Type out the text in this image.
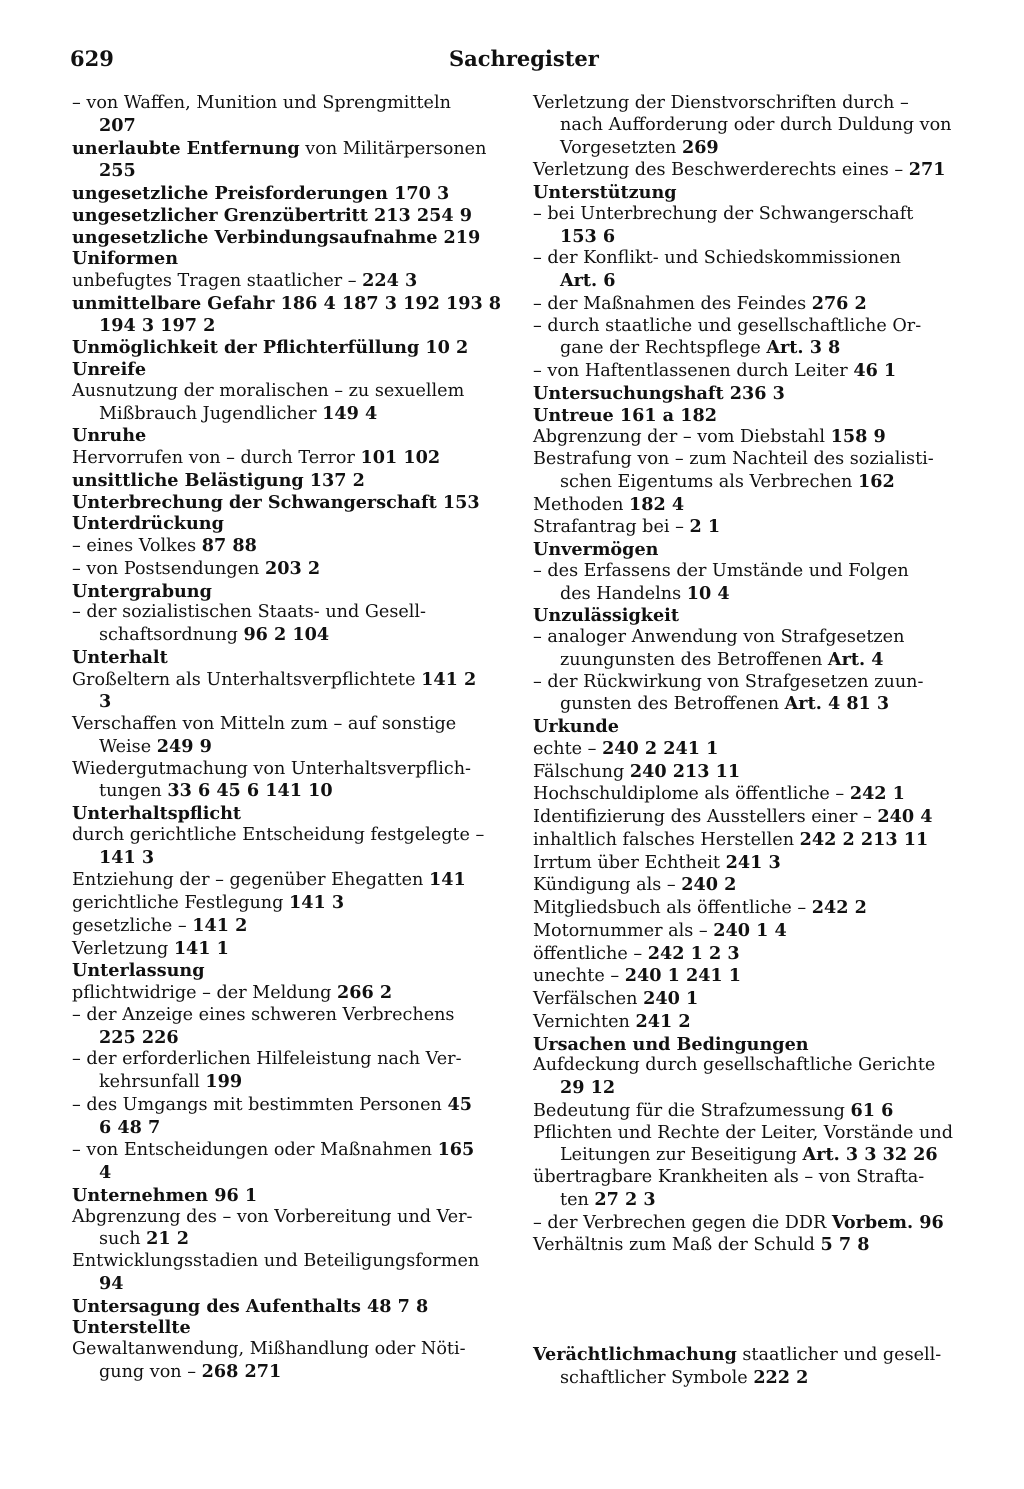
629	Sachregister
– von Waffen, Munition und Sprengmitteln
207
unerlaubte Entfernung von Militärpersonen
255
ungesetzliche Preisforderungen 170 3
ungesetzlicher Grenzübertritt 213 254 9
ungesetzliche Verbindungsaufnahme 219
Uniformen
unbefugtes Tragen staatlicher – 224 3
unmittelbare Gefahr 186 4 187 3 192 193 8
194 3 197 2
Unmöglichkeit der Pflichterfüllung 10 2
Unreife
Ausnutzung der moralischen – zu sexuellem
Mißbrauch Jugendlicher 149 4
Unruhe
Hervorrufen von – durch Terror 101 102
unsittliche Belästigung 137 2
Unterbrechung der Schwangerschaft 153
Unterdrückung
– eines Volkes 87 88
– von Postsendungen 203 2
Untergrabung
– der sozialistischen Staats- und Gesell-
schaftsordnung 96 2 104
Unterhalt
Großeltern als Unterhaltsverpflichtete 141 2
3
Verschaffen von Mitteln zum – auf sonstige
Weise 249 9
Wiedergutmachung von Unterhaltsverpflich-
tungen 33 6 45 6 141 10
Unterhaltspflicht
durch gerichtliche Entscheidung festgelegte –
141 3
Entziehung der – gegenüber Ehegatten 141
gerichtliche Festlegung 141 3
gesetzliche – 141 2
Verletzung 141 1
Unterlassung
pflichtwidrige – der Meldung 266 2
– der Anzeige eines schweren Verbrechens
225 226
– der erforderlichen Hilfeleistung nach Ver-
kehrsunfall 199
– des Umgangs mit bestimmten Personen 45
6 48 7
– von Entscheidungen oder Maßnahmen 165
4
Unternehmen 96 1
Abgrenzung des – von Vorbereitung und Ver-
such 21 2
Entwicklungsstadien und Beteiligungsformen
94
Untersagung des Aufenthalts 48 7 8
Unterstellte
Gewaltanwendung, Mißhandlung oder Nöti-
gung von – 268 271
Verletzung der Dienstvorschriften durch –
nach Aufforderung oder durch Duldung von
Vorgesetzten 269
Verletzung des Beschwerderechts eines – 271
Unterstützung
– bei Unterbrechung der Schwangerschaft
153 6
– der Konflikt- und Schiedskommissionen
Art. 6
– der Maßnahmen des Feindes 276 2
– durch staatliche und gesellschaftliche Or-
gane der Rechtspflege Art. 3 8
– von Haftentlassenen durch Leiter 46 1
Untersuchungshaft 236 3
Untreue 161 a 182
Abgrenzung der – vom Diebstahl 158 9
Bestrafung von – zum Nachteil des sozialisti-
schen Eigentums als Verbrechen 162
Methoden 182 4
Strafantrag bei – 2 1
Unvermögen
– des Erfassens der Umstände und Folgen
des Handelns 10 4
Unzulässigkeit
– analoger Anwendung von Strafgesetzen
zuungunsten des Betroffenen Art. 4
– der Rückwirkung von Strafgesetzen zuun-
gunsten des Betroffenen Art. 4 81 3
Urkunde
echte – 240 2 241 1
Fälschung 240 213 11
Hochschuldiplome als öffentliche – 242 1
Identifizierung des Ausstellers einer – 240 4
inhaltlich falsches Herstellen 242 2 213 11
Irrtum über Echtheit 241 3
Kündigung als – 240 2
Mitgliedsbuch als öffentliche – 242 2
Motornummer als – 240 1 4
öffentliche – 242 1 2 3
unechte – 240 1 241 1
Verfälschen 240 1
Vernichten 241 2
Ursachen und Bedingungen
Aufdeckung durch gesellschaftliche Gerichte
29 12
Bedeutung für die Strafzumessung 61 6
Pflichten und Rechte der Leiter, Vorstände und
Leitungen zur Beseitigung Art. 3 3 32 26
übertragbare Krankheiten als – von Strafta-
ten 27 2 3
– der Verbrechen gegen die DDR Vorbem. 96
Verhältnis zum Maß der Schuld 5 7 8
Verächtlichmachung staatlicher und gesell-
schaftlicher Symbole 222 2
